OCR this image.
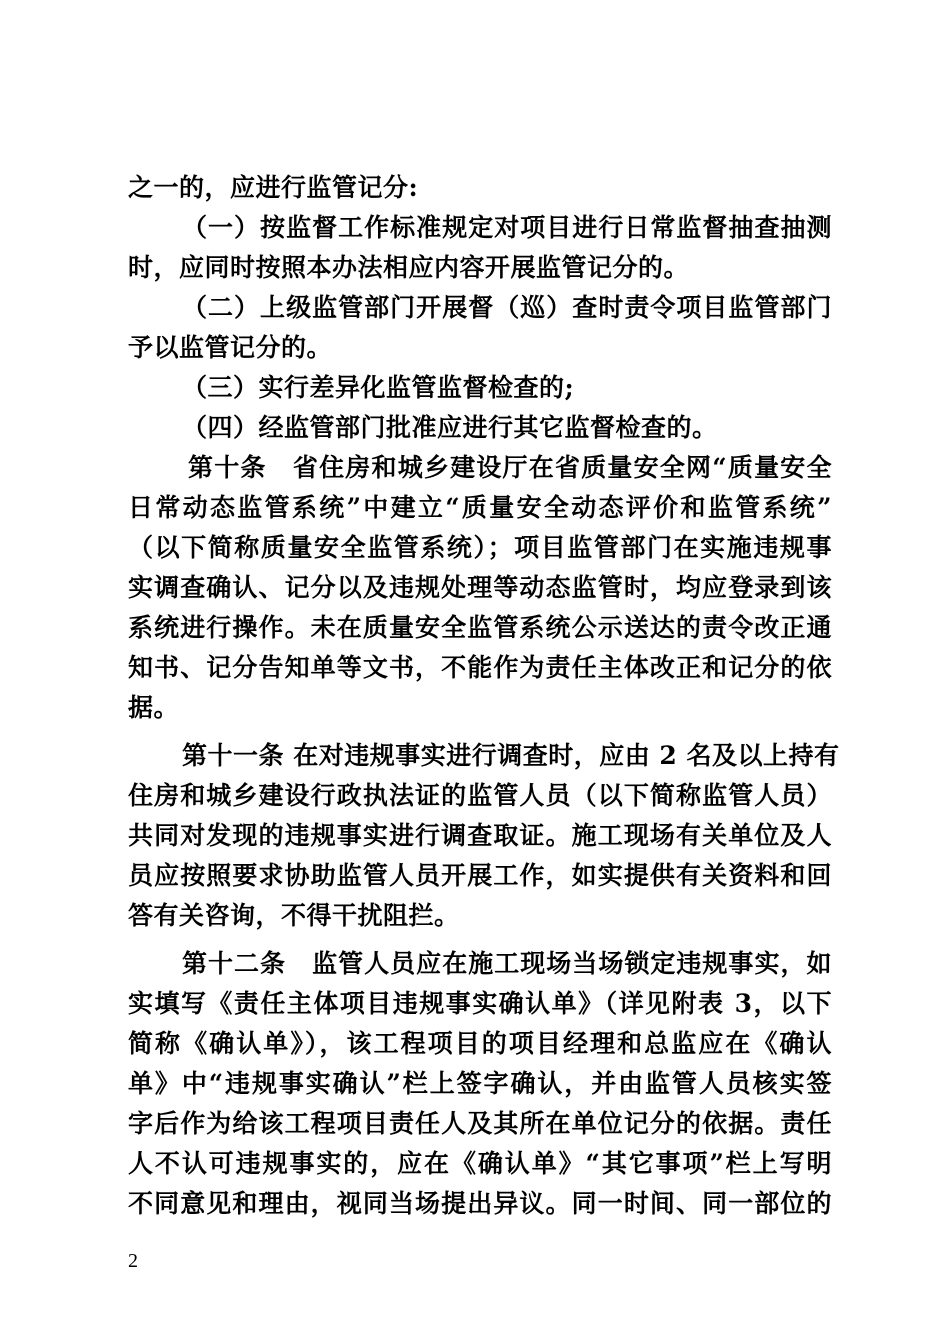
之一的，应进行监管记分:
（一）按监督工作标准规定对项目进行日常监督抽查抽测
时，应同时按照本办法相应内容开展监管记分的。
（二）上级监管部门开展督（巡）查时责令项目监管部门
予以监管记分的。
（三）实行差异化监管监督检查的;
（四）经监管部门批准应进行其它监督检查的。
第十条　省住房和城乡建设厅在省质量安全网“质量安全
日常动态监管系统”中建立“质量安全动态评价和监管系统”
（以下简称质量安全监管系统）；项目监管部门在实施违规事
实调查确认、记分以及违规处理等动态监管时，均应登录到该
系统进行操作。未在质量安全监管系统公示送达的责令改正通
知书、记分告知单等文书，不能作为责任主体改正和记分的依
据。
第十一条 在对违规事实进行调查时，应由 2 名及以上持有
住房和城乡建设行政执法证的监管人员（以下简称监管人员）
共同对发现的违规事实进行调查取证。施工现场有关单位及人
员应按照要求协助监管人员开展工作，如实提供有关资料和回
答有关咨询，不得干扰阻拦。
第十二条　监管人员应在施工现场当场锁定违规事实，如
实填写《责任主体项目违规事实确认单》（详见附表 3，以下
简称《确认单》），该工程项目的项目经理和总监应在《确认
单》中“违规事实确认”栏上签字确认，并由监管人员核实签
字后作为给该工程项目责任人及其所在单位记分的依据。责任
人不认可违规事实的，应在《确认单》“其它事项”栏上写明
不同意见和理由，视同当场提出异议。同一时间、同一部位的
2
